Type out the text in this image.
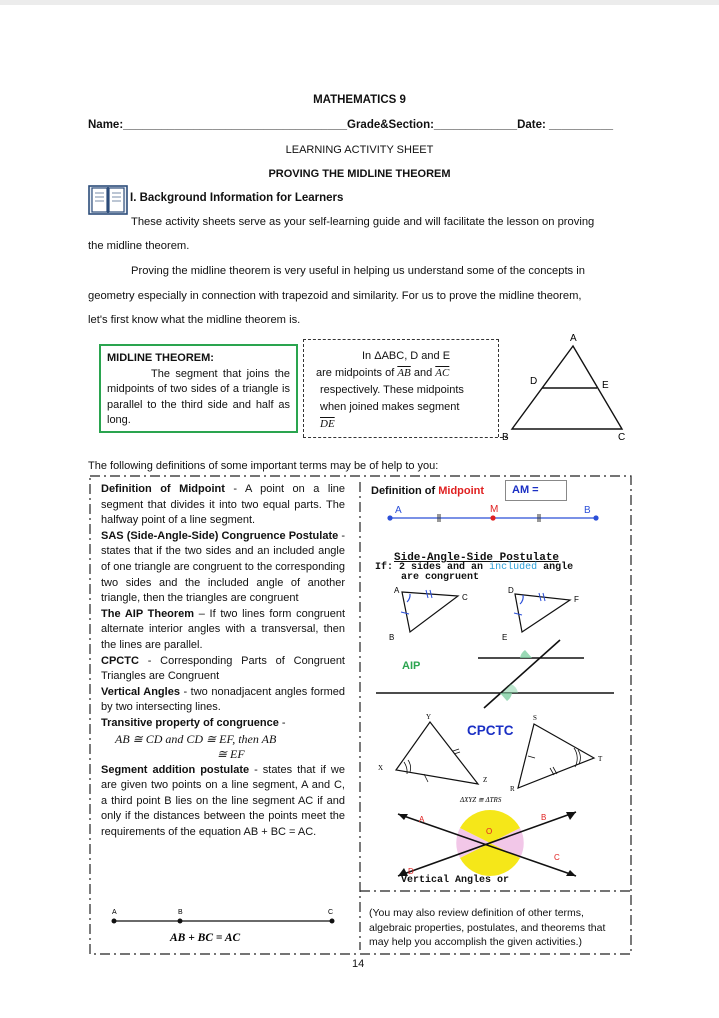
MATHEMATICS 9
Name:___________________________________Grade&Section:_____________Date: __________
LEARNING ACTIVITY SHEET
PROVING THE MIDLINE THEOREM
I. Background Information for Learners
These activity sheets serve as your self-learning guide and will facilitate the lesson on proving
the midline theorem.
Proving the midline theorem is very useful in helping us understand some of the concepts in
geometry especially in connection with trapezoid and similarity. For us to prove the midline theorem,
let's first know what the midline theorem is.
MIDLINE THEOREM:
The segment that joins the midpoints of two sides of a triangle is parallel to the third side and half as long.
In ΔABC, D and E
are midpoints of $\overline{AB}$ and $\overline{AC}$
respectively. These midpoints
when joined makes segment
$\overline{DE}$
A
D	E
B	C
The following definitions of some important terms may be of help to you:

Definition of Midpoint - A point on a line segment that divides it into two equal parts. The halfway point of a line segment.

SAS (Side-Angle-Side) Congruence Postulate - states that if the two sides and an included angle of one triangle are congruent to the corresponding two sides and the included angle of another triangle, then the triangles are congruent

The AIP Theorem – If two lines form congruent alternate interior angles with a transversal, then the lines are parallel.

CPCTC - Corresponding Parts of Congruent Triangles are Congruent

Vertical Angles - two nonadjacent angles formed by two intersecting lines.

Transitive property of congruence -

AB ≅ CD and CD ≅ EF, then AB

≅ EF

Segment addition postulate - states that if we are given two points on a line segment, A and C, a third point B lies on the line segment AC if and only if the distances between the points meet the requirements of the equation AB + BC = AC.

A	B	C
AB + BC = AC
Definition of Midpoint	AM =
A	M	B
Side-Angle-Side Postulate
If: 2 sides and an included angle
are congruent
A
C
B
D
F
E
AIP
CPCTC
Y
X
Z
S
T
R
ΔXYZ ≅ ΔTRS
A	B
O
C
D
Vertical Angles or
(You may also review definition of other terms, algebraic properties, postulates, and theorems that may help you accomplish the given activities.)
14
